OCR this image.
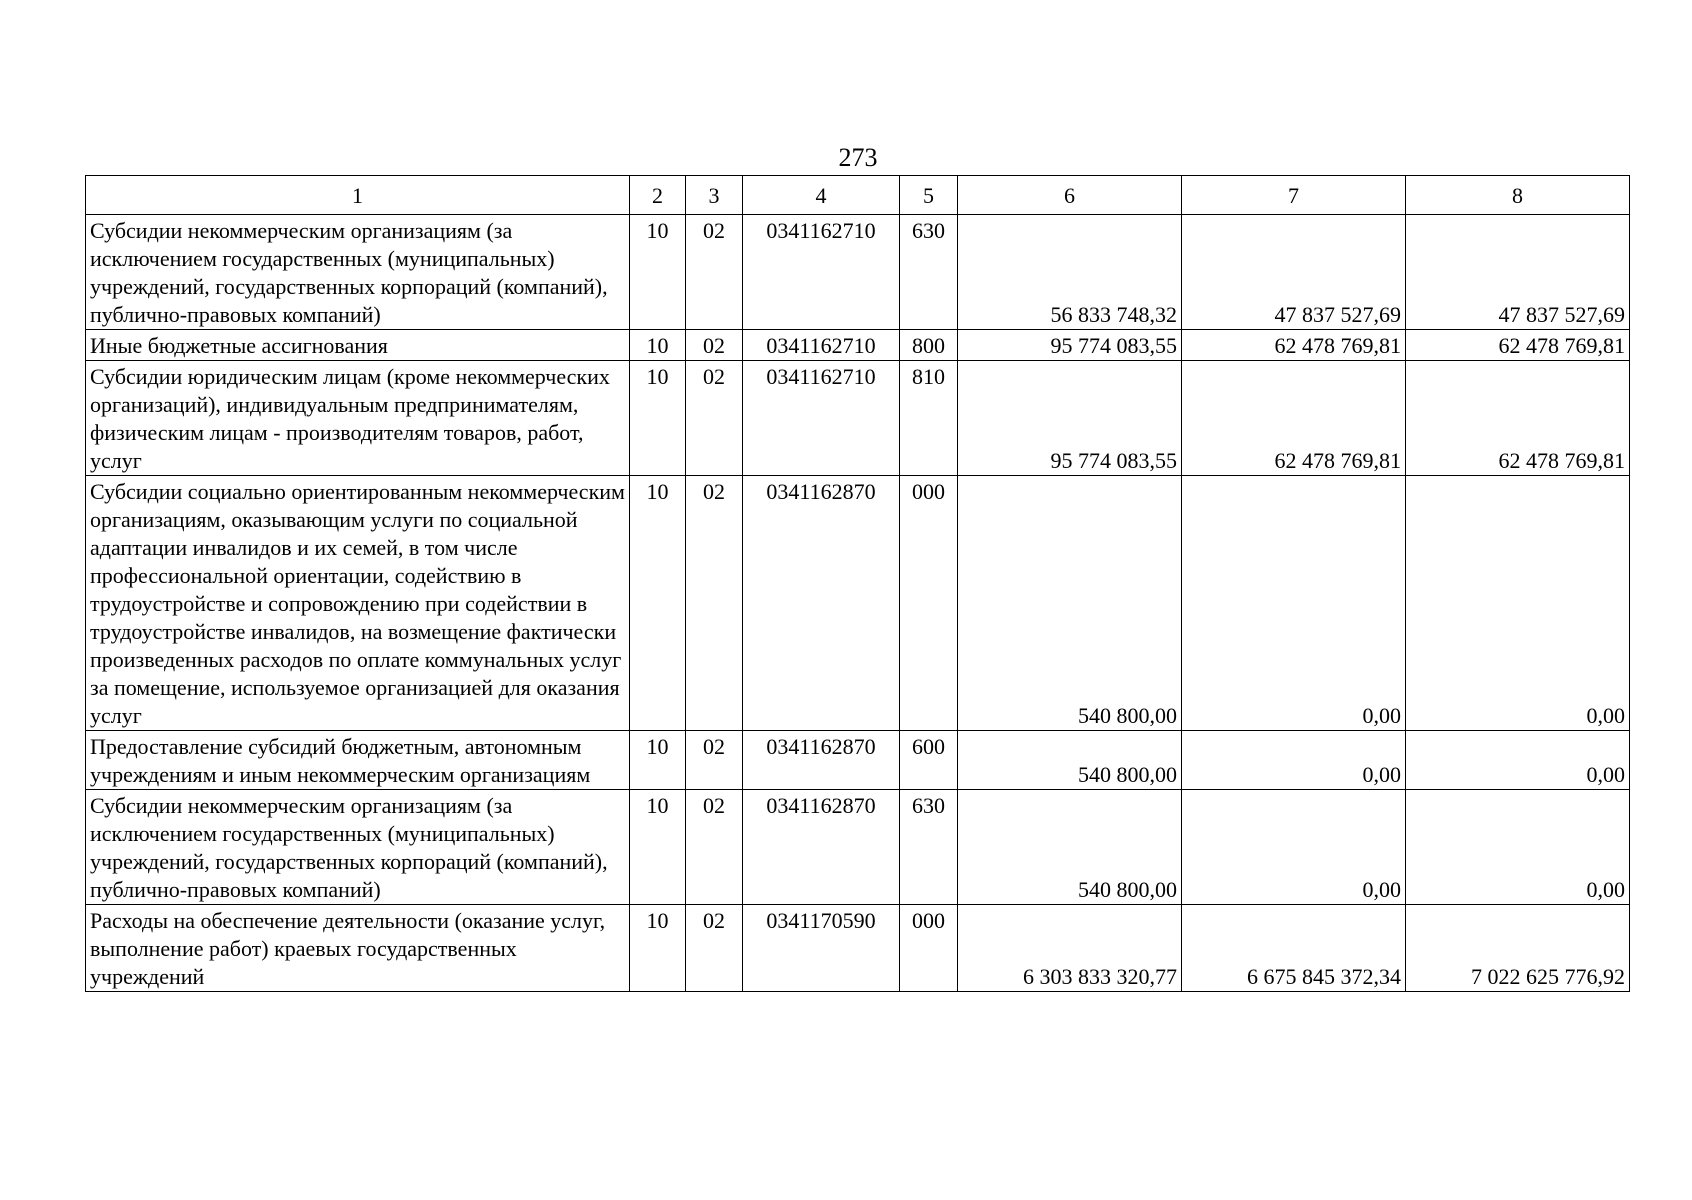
273
1	2	3	4	5	6	7	8
Субсидии некоммерческим организациям (за исключением государственных (муниципальных) учреждений, государственных корпораций (компаний), публично-правовых компаний)	10	02	0341162710	630	56 833 748,32	47 837 527,69	47 837 527,69
Иные бюджетные ассигнования	10	02	0341162710	800	95 774 083,55	62 478 769,81	62 478 769,81
Субсидии юридическим лицам (кроме некоммерческих организаций), индивидуальным предпринимателям, физическим лицам - производителям товаров, работ, услуг	10	02	0341162710	810	95 774 083,55	62 478 769,81	62 478 769,81
Субсидии социально ориентированным некоммерческим организациям, оказывающим услуги по социальной адаптации инвалидов и их семей, в том числе профессиональной ориентации, содействию в трудоустройстве и сопровождению при содействии в трудоустройстве инвалидов, на возмещение фактически произведенных расходов по оплате коммунальных услуг за помещение, используемое организацией для оказания услуг	10	02	0341162870	000	540 800,00	0,00	0,00
Предоставление субсидий бюджетным, автономным учреждениям и иным некоммерческим организациям	10	02	0341162870	600	540 800,00	0,00	0,00
Субсидии некоммерческим организациям (за исключением государственных (муниципальных) учреждений, государственных корпораций (компаний), публично-правовых компаний)	10	02	0341162870	630	540 800,00	0,00	0,00
Расходы на обеспечение деятельности (оказание услуг, выполнение работ) краевых государственных учреждений	10	02	0341170590	000	6 303 833 320,77	6 675 845 372,34	7 022 625 776,92
